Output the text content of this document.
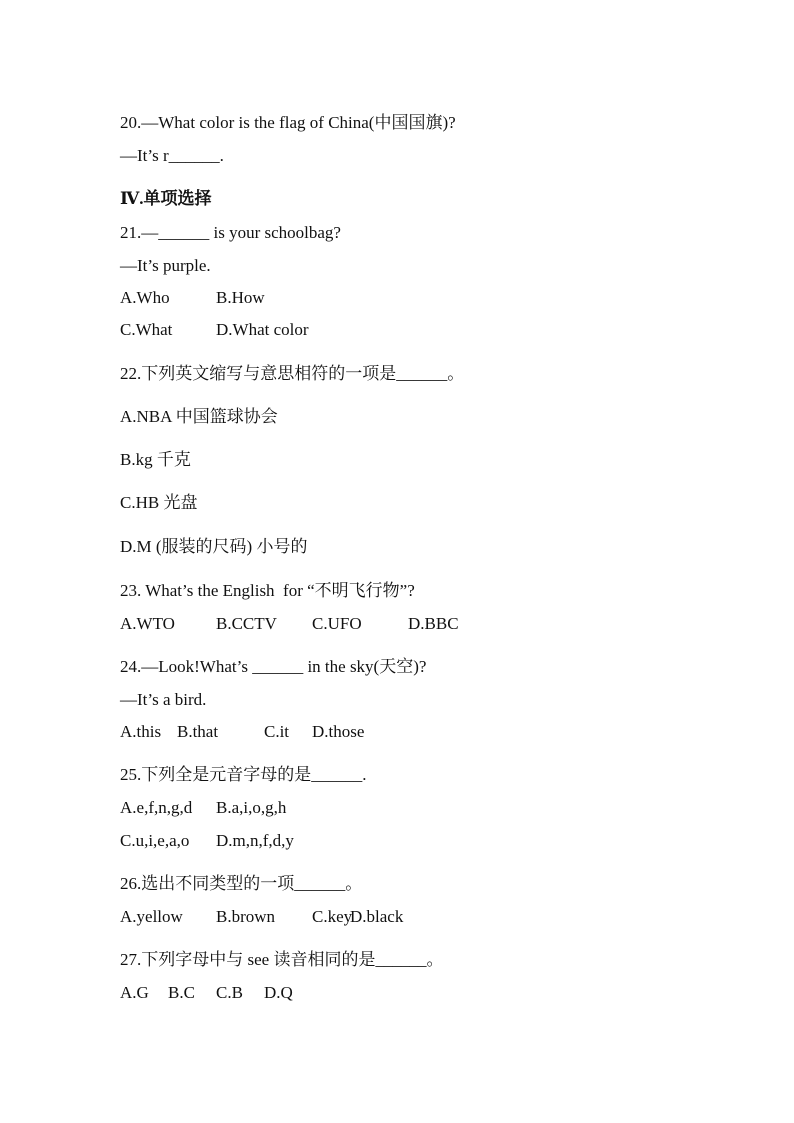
20.—What color is the flag of China(中国国旗)?
—It’s r______.
Ⅳ.单项选择
21.—______ is your schoolbag?
—It’s purple.
A.Who	B.How
C.What	D.What color
22.下列英文缩写与意思相符的一项是______。
A.NBA 中国篮球协会
B.kg 千克
C.HB 光盘
D.M (服装的尺码) 小号的
23. What’s the English  for “不明飞行物”?
A.WTO B.CCTV C.UFO	D.BBC
24.—Look!What’s ______ in the sky(天空)?
—It’s a bird.
A.this B.that	C.it D.those
25.下列全是元音字母的是______.
A.e,f,n,g,d B.a,i,o,g,h
C.u,i,e,a,o D.m,n,f,d,y
26.选出不同类型的一项______。
A.yellow B.brown C.key
D.black
27.下列字母中与 see 读音相同的是______。
A.G B.C C.B D.Q
